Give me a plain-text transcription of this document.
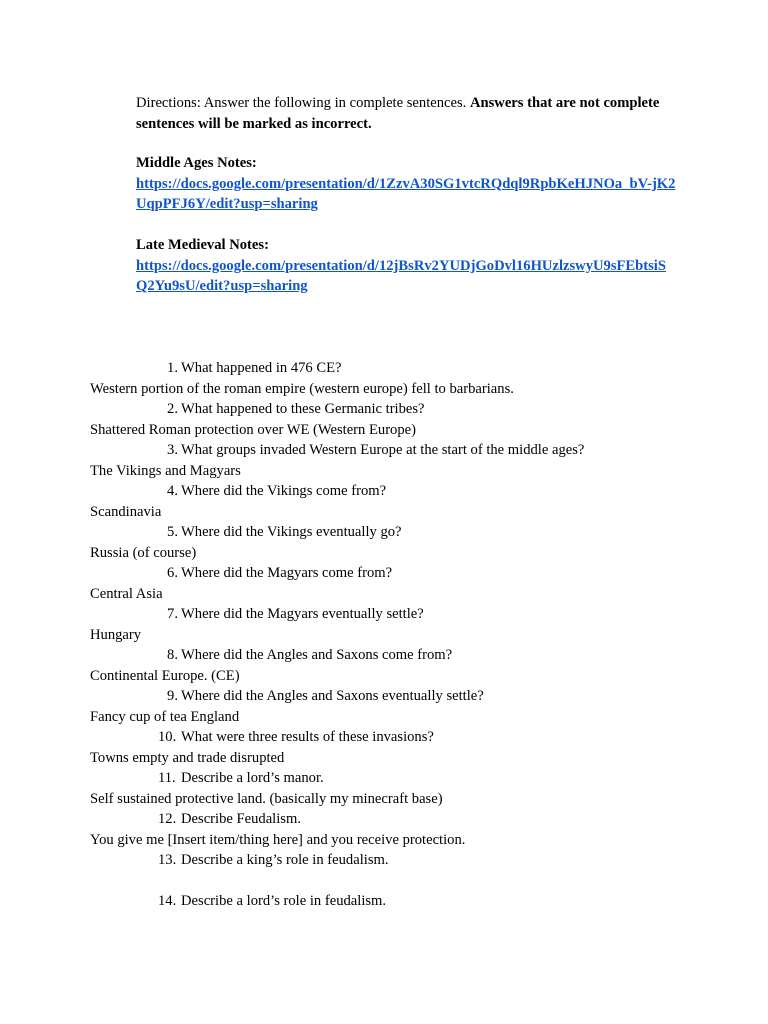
Directions: Answer the following in complete sentences. Answers that are not complete sentences will be marked as incorrect.
Middle Ages Notes:
https://docs.google.com/presentation/d/1ZzvA30SG1vtcRQdql9RpbKeHJNOa_bV-jK2UqpPFJ6Y/edit?usp=sharing
Late Medieval Notes:
https://docs.google.com/presentation/d/12jBsRv2YUDjGoDvl16HUzlzswyU9sFEbtsiSQ2Yu9sU/edit?usp=sharing
1. What happened in 476 CE?
Western portion of the roman empire (western europe) fell to barbarians.
2. What happened to these Germanic tribes?
Shattered Roman protection over WE (Western Europe)
3. What groups invaded Western Europe at the start of the middle ages?
The Vikings and Magyars
4. Where did the Vikings come from?
Scandinavia
5. Where did the Vikings eventually go?
Russia (of course)
6. Where did the Magyars come from?
Central Asia
7. Where did the Magyars eventually settle?
Hungary
8. Where did the Angles and Saxons come from?
Continental Europe. (CE)
9. Where did the Angles and Saxons eventually settle?
Fancy cup of tea England
10. What were three results of these invasions?
Towns empty and trade disrupted
11. Describe a lord’s manor.
Self sustained protective land. (basically my minecraft base)
12. Describe Feudalism.
You give me [Insert item/thing here] and you receive protection.
13. Describe a king’s role in feudalism.
14. Describe a lord’s role in feudalism.
